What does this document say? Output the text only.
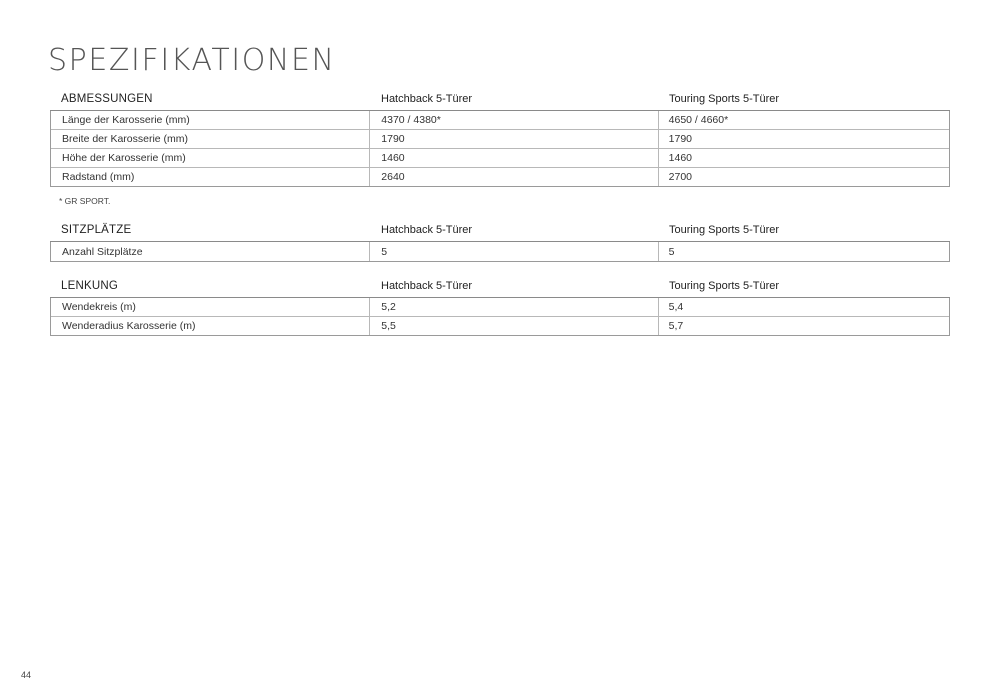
SPEZIFIKATIONEN
ABMESSUNGEN	Hatchback 5-Türer	Touring Sports 5-Türer
Länge der Karosserie (mm)	4370 / 4380*	4650 / 4660*
Breite der Karosserie (mm)	1790	1790
Höhe der Karosserie (mm)	1460	1460
Radstand (mm)	2640	2700
* GR SPORT.
SITZPLÄTZE	Hatchback 5-Türer	Touring Sports 5-Türer
Anzahl Sitzplätze	5	5
LENKUNG	Hatchback 5-Türer	Touring Sports 5-Türer
Wendekreis (m)	5,2	5,4
Wenderadius Karosserie (m)	5,5	5,7
44
